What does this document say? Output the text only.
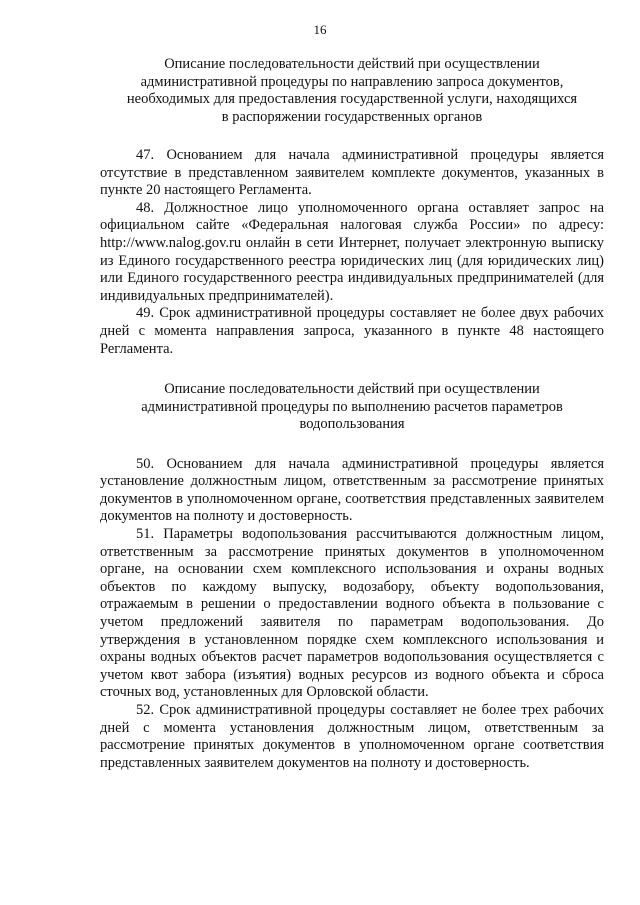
16
Описание последовательности действий при осуществлении
административной процедуры по направлению запроса документов,
необходимых для предоставления государственной услуги, находящихся
в распоряжении государственных органов

47. Основанием для начала административной процедуры является отсутствие в представленном заявителем комплекте документов, указанных в пункте 20 настоящего Регламента.

48. Должностное лицо уполномоченного органа оставляет запрос на официальном сайте «Федеральная налоговая служба России» по адресу: http://www.nalog.gov.ru онлайн в сети Интернет, получает электронную выписку из Единого государственного реестра юридических лиц (для юридических лиц) или Единого государственного реестра индивидуальных предпринимателей (для индивидуальных предпринимателей).

49. Срок административной процедуры составляет не более двух рабочих дней с момента направления запроса, указанного в пункте 48 настоящего Регламента.

Описание последовательности действий при осуществлении
административной процедуры по выполнению расчетов параметров
водопользования

50. Основанием для начала административной процедуры является установление должностным лицом, ответственным за рассмотрение принятых документов в уполномоченном органе, соответствия представленных заявителем документов на полноту и достоверность.

51. Параметры водопользования рассчитываются должностным лицом, ответственным за рассмотрение принятых документов в уполномоченном органе, на основании схем комплексного использования и охраны водных объектов по каждому выпуску, водозабору, объекту водопользования, отражаемым в решении о предоставлении водного объекта в пользование с учетом предложений заявителя по параметрам водопользования. До утверждения в установленном порядке схем комплексного использования и охраны водных объектов расчет параметров водопользования осуществляется с учетом квот забора (изъятия) водных ресурсов из водного объекта и сброса сточных вод, установленных для Орловской области.

52. Срок административной процедуры составляет не более трех рабочих дней с момента установления должностным лицом, ответственным за рассмотрение принятых документов в уполномоченном органе соответствия представленных заявителем документов на полноту и достоверность.
